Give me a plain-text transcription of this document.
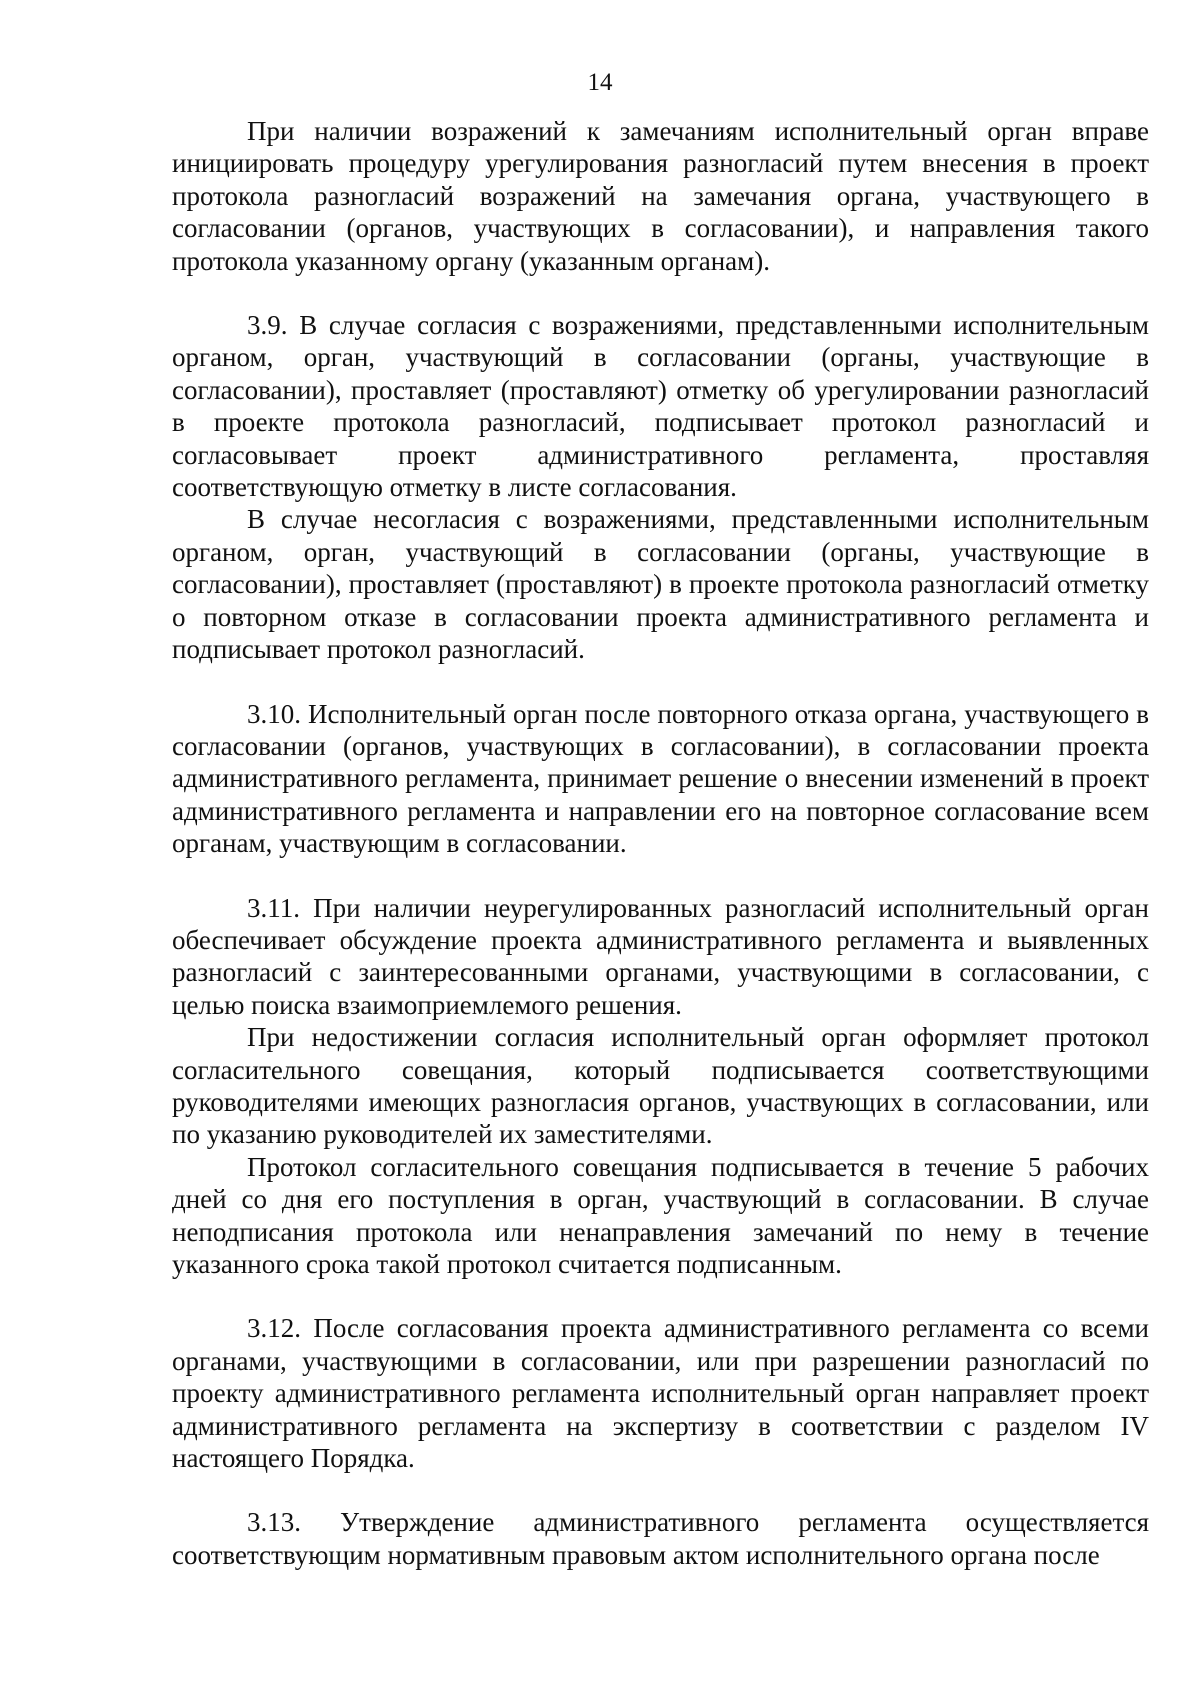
14

При наличии возражений к замечаниям исполнительный орган вправе инициировать процедуру урегулирования разногласий путем внесения в проект протокола разногласий возражений на замечания органа, участвующего в согласовании (органов, участвующих в согласовании), и направления такого протокола указанному органу (указанным органам).

3.9. В случае согласия с возражениями, представленными исполнительным органом, орган, участвующий в согласовании (органы, участвующие в согласовании), проставляет (проставляют) отметку об урегулировании разногласий в проекте протокола разногласий, подписывает протокол разногласий и согласовывает проект административного регламента, проставляя соответствующую отметку в листе согласования.

В случае несогласия с возражениями, представленными исполнительным органом, орган, участвующий в согласовании (органы, участвующие в согласовании), проставляет (проставляют) в проекте протокола разногласий отметку о повторном отказе в согласовании проекта административного регламента и подписывает протокол разногласий.

3.10. Исполнительный орган после повторного отказа органа, участвующего в согласовании (органов, участвующих в согласовании), в согласовании проекта административного регламента, принимает решение о внесении изменений в проект административного регламента и направлении его на повторное согласование всем органам, участвующим в согласовании.

3.11. При наличии неурегулированных разногласий исполнительный орган обеспечивает обсуждение проекта административного регламента и выявленных разногласий с заинтересованными органами, участвующими в согласовании, с целью поиска взаимоприемлемого решения.

При недостижении согласия исполнительный орган оформляет протокол согласительного совещания, который подписывается соответствующими руководителями имеющих разногласия органов, участвующих в согласовании, или по указанию руководителей их заместителями.

Протокол согласительного совещания подписывается в течение 5 рабочих дней со дня его поступления в орган, участвующий в согласовании. В случае неподписания протокола или ненаправления замечаний по нему в течение указанного срока такой протокол считается подписанным.

3.12. После согласования проекта административного регламента со всеми органами, участвующими в согласовании, или при разрешении разногласий по проекту административного регламента исполнительный орган направляет проект административного регламента на экспертизу в соответствии с разделом IV настоящего Порядка.

3.13. Утверждение административного регламента осуществляется соответствующим нормативным правовым актом исполнительного органа после
